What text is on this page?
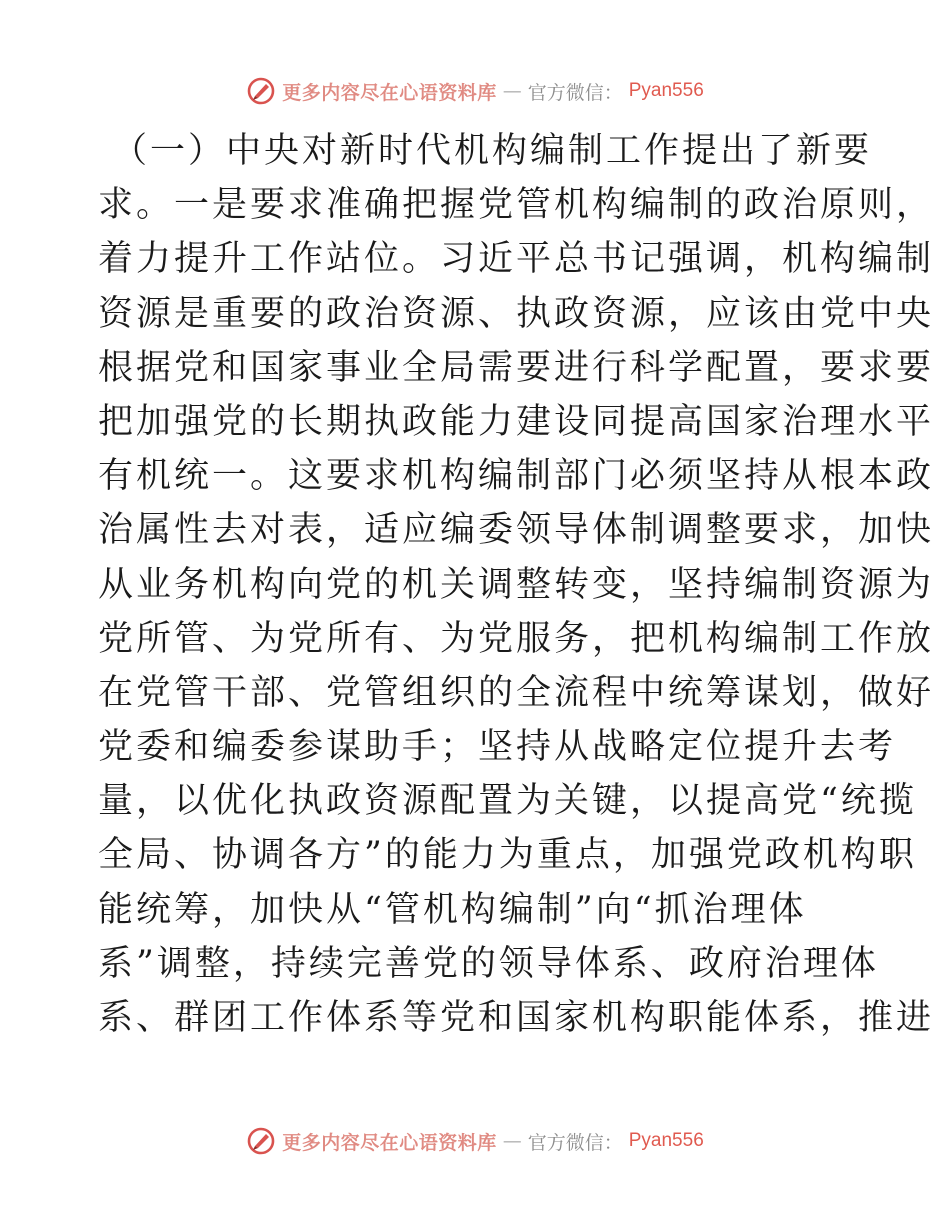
更多内容尽在心语资料库 — 官方微信： Pyan556
（一）中央对新时代机构编制工作提出了新要
求。一是要求准确把握党管机构编制的政治原则，
着力提升工作站位。习近平总书记强调，机构编制
资源是重要的政治资源、执政资源，应该由党中央
根据党和国家事业全局需要进行科学配置，要求要
把加强党的长期执政能力建设同提高国家治理水平
有机统一。这要求机构编制部门必须坚持从根本政
治属性去对表，适应编委领导体制调整要求，加快
从业务机构向党的机关调整转变，坚持编制资源为
党所管、为党所有、为党服务，把机构编制工作放
在党管干部、党管组织的全流程中统筹谋划，做好
党委和编委参谋助手；坚持从战略定位提升去考
量，以优化执政资源配置为关键，以提高党“统揽
全局、协调各方”的能力为重点，加强党政机构职
能统筹，加快从“管机构编制”向“抓治理体
系”调整，持续完善党的领导体系、政府治理体
系、群团工作体系等党和国家机构职能体系，推进
更多内容尽在心语资料库 — 官方微信： Pyan556
